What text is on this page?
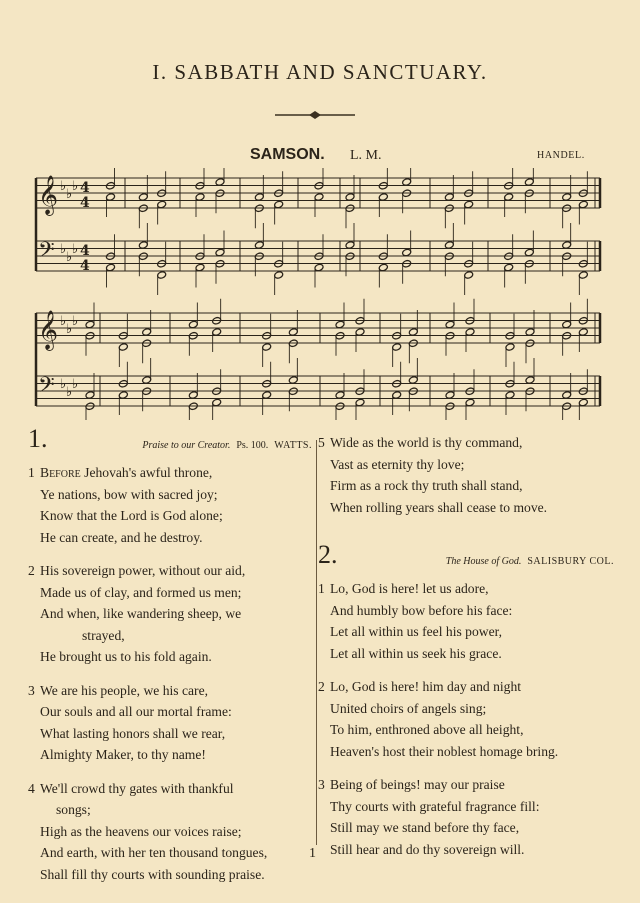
I. SABBATH AND SANCTUARY.
SAMSON. L. M.	HANDEL.
𝄞 ♭
♭
♭
𝄢 ♭
♭
♭
𝄞 ♭
♭
♭
𝄢 ♭
♭
♭
4
4
4
4
1.	Praise to our Creator. Ps. 100. WATTS.
1 Before Jehovah's awful throne,
Ye nations, bow with sacred joy;
Know that the Lord is God alone;
He can create, and he destroy.
2 His sovereign power, without our aid,
Made us of clay, and formed us men;
And when, like wandering sheep, we
strayed,
He brought us to his fold again.
3 We are his people, we his care,
Our souls and all our mortal frame:
What lasting honors shall we rear,
Almighty Maker, to thy name!
4 We'll crowd thy gates with thankful
songs;
High as the heavens our voices raise;
And earth, with her ten thousand tongues,
Shall fill thy courts with sounding praise.
5 Wide as the world is thy command,
Vast as eternity thy love;
Firm as a rock thy truth shall stand,
When rolling years shall cease to move.
2.	The House of God. SALISBURY COL.
1 Lo, God is here! let us adore,
And humbly bow before his face:
Let all within us feel his power,
Let all within us seek his grace.
2 Lo, God is here! him day and night
United choirs of angels sing;
To him, enthroned above all height,
Heaven's host their noblest homage bring.
3 Being of beings! may our praise
Thy courts with grateful fragrance fill:
Still may we stand before thy face,
Still hear and do thy sovereign will.
1
